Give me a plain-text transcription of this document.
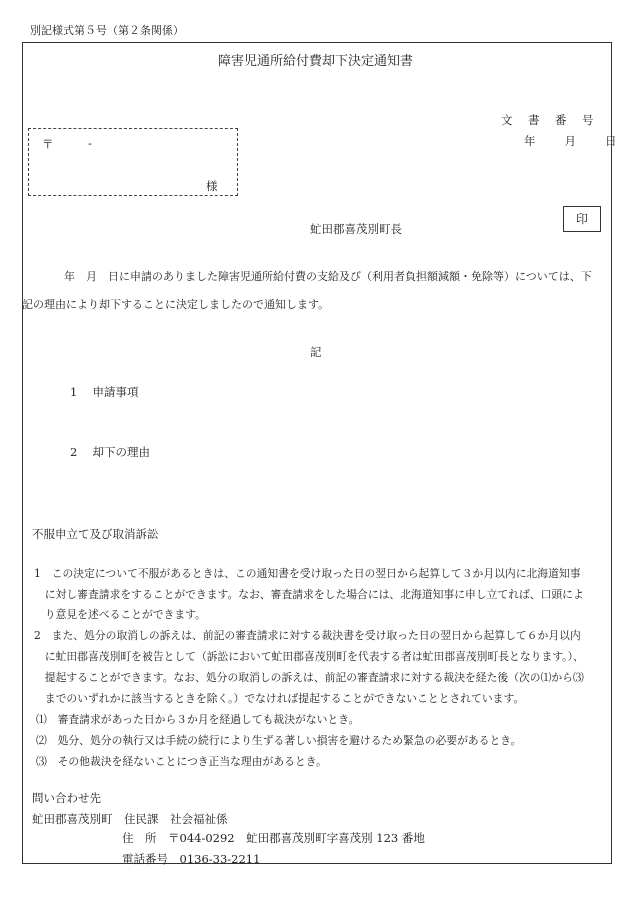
別記様式第５号（第２条関係）
障害児通所給付費却下決定通知書
文　書　番　号
年　　月　　日
〒	-
様
印
虻田郡喜茂別町長
年　月　日に申請のありました障害児通所給付費の支給及び（利用者負担額減額・免除等）については、下
記の理由により却下することに決定しましたので通知します。
記
1　 申請事項
2　 却下の理由
不服申立て及び取消訴訟
1　この決定について不服があるときは、この通知書を受け取った日の翌日から起算して３か月以内に北海道知事
　に対し審査請求をすることができます。なお、審査請求をした場合には、北海道知事に申し立てれば、口頭によ
　り意見を述べることができます。
2　また、処分の取消しの訴えは、前記の審査請求に対する裁決書を受け取った日の翌日から起算して６か月以内
　に虻田郡喜茂別町を被告として（訴訟において虻田郡喜茂別町を代表する者は虻田郡喜茂別町長となります。）、
　提起することができます。なお、処分の取消しの訴えは、前記の審査請求に対する裁決を経た後（次の⑴から⑶
　までのいずれかに該当するときを除く。）でなければ提起することができないこととされています。
⑴　審査請求があった日から３か月を経過しても裁決がないとき。
⑵　処分、処分の執行又は手続の続行により生ずる著しい損害を避けるため緊急の必要があるとき。
⑶　その他裁決を経ないことにつき正当な理由があるとき。
問い合わせ先
虻田郡喜茂別町　住民課　社会福祉係
住　所　〒044-0292　虻田郡喜茂別町字喜茂別 123 番地
電話番号　0136-33-2211
